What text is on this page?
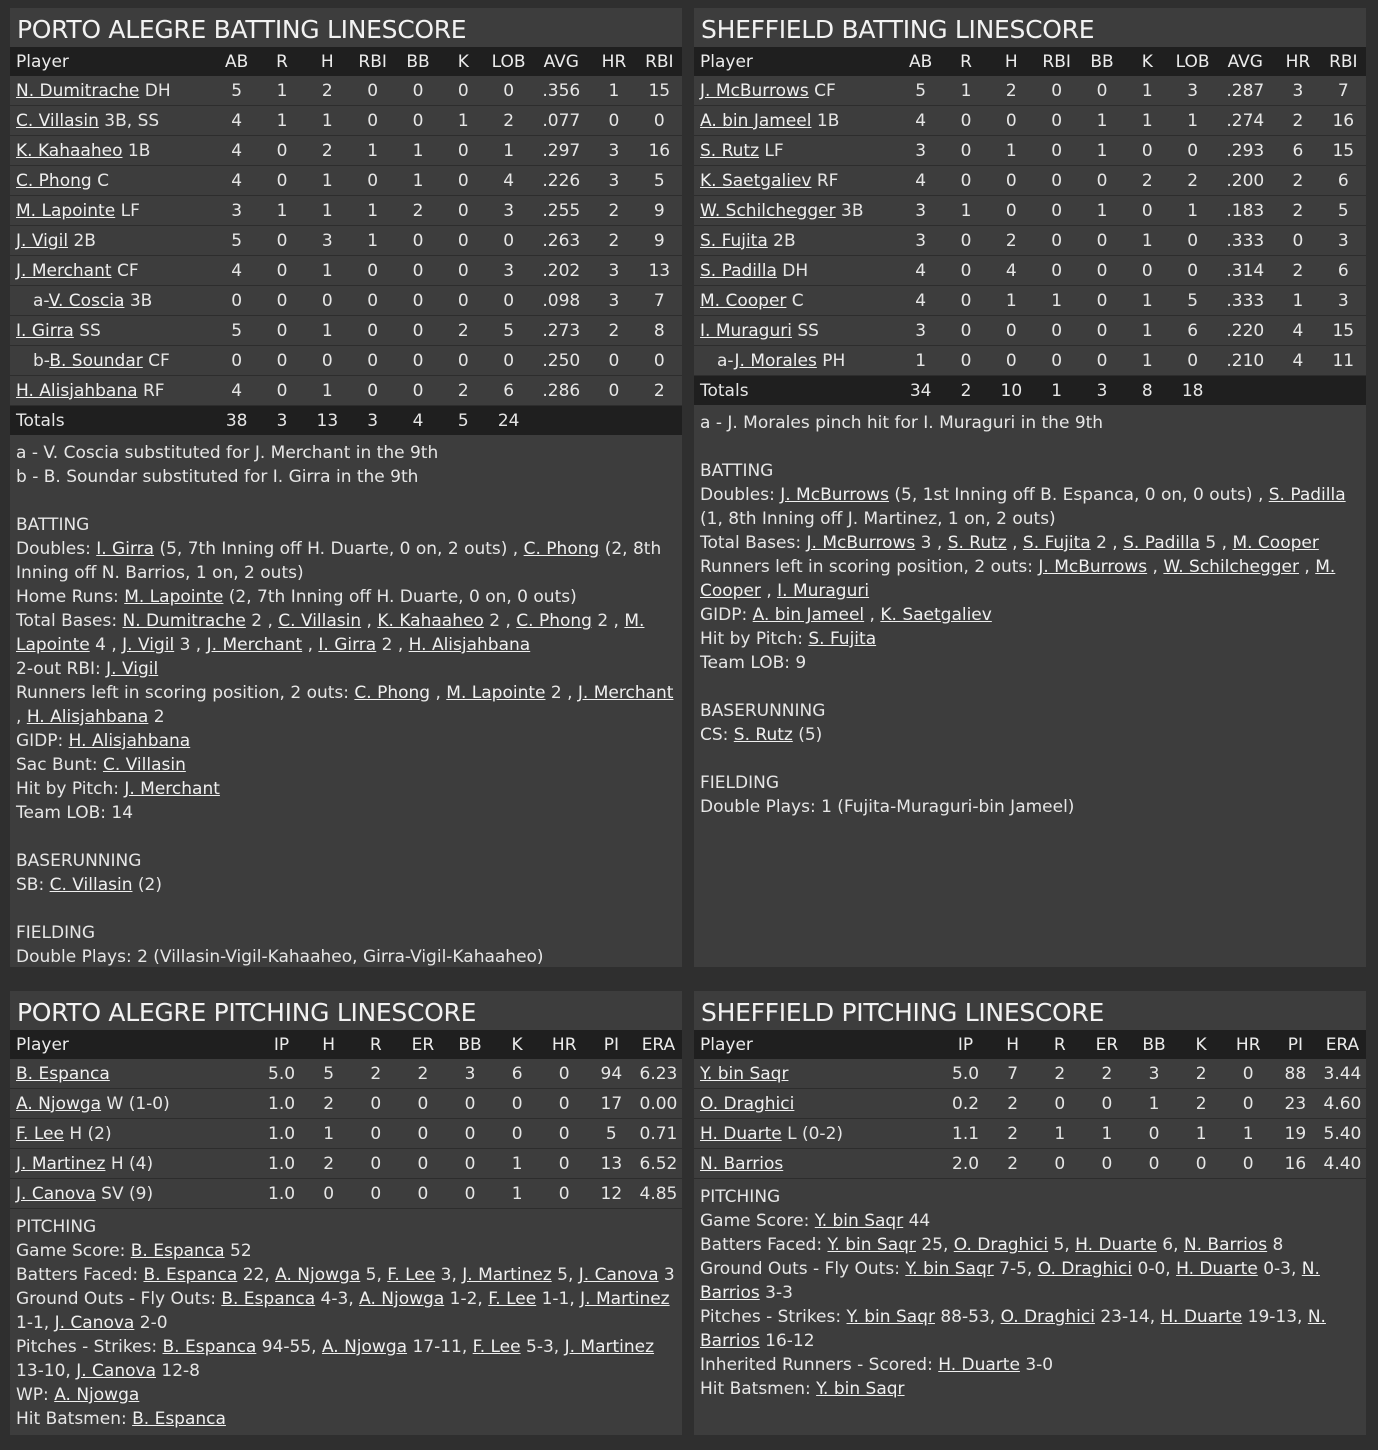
PORTO ALEGRE BATTING LINESCORE
Player	AB	R	H	RBI	BB	K	LOB	AVG	HR	RBI
N. Dumitrache DH	5	1	2	0	0	0	0	.356	1	15
C. Villasin 3B, SS	4	1	1	0	0	1	2	.077	0	0
K. Kahaaheo 1B	4	0	2	1	1	0	1	.297	3	16
C. Phong C	4	0	1	0	1	0	4	.226	3	5
M. Lapointe LF	3	1	1	1	2	0	3	.255	2	9
J. Vigil 2B	5	0	3	1	0	0	0	.263	2	9
J. Merchant CF	4	0	1	0	0	0	3	.202	3	13
a-V. Coscia 3B	0	0	0	0	0	0	0	.098	3	7
I. Girra SS	5	0	1	0	0	2	5	.273	2	8
b-B. Soundar CF	0	0	0	0	0	0	0	.250	0	0
H. Alisjahbana RF	4	0	1	0	0	2	6	.286	0	2
Totals	38	3	13	3	4	5	24			

a - V. Coscia substituted for J. Merchant in the 9th

b - B. Soundar substituted for I. Girra in the 9th

BATTING

Doubles: I. Girra (5, 7th Inning off H. Duarte, 0 on, 2 outs) , C. Phong (2, 8th Inning off N. Barrios, 1 on, 2 outs)

Home Runs: M. Lapointe (2, 7th Inning off H. Duarte, 0 on, 0 outs)

Total Bases: N. Dumitrache 2 , C. Villasin , K. Kahaaheo 2 , C. Phong 2 , M. Lapointe 4 , J. Vigil 3 , J. Merchant , I. Girra 2 , H. Alisjahbana

2-out RBI: J. Vigil

Runners left in scoring position, 2 outs: C. Phong , M. Lapointe 2 , J. Merchant , H. Alisjahbana 2

GIDP: H. Alisjahbana

Sac Bunt: C. Villasin

Hit by Pitch: J. Merchant

Team LOB: 14

BASERUNNING

SB: C. Villasin (2)

FIELDING

Double Plays: 2 (Villasin-Vigil-Kahaaheo, Girra-Vigil-Kahaaheo)

SHEFFIELD BATTING LINESCORE
Player	AB	R	H	RBI	BB	K	LOB	AVG	HR	RBI
J. McBurrows CF	5	1	2	0	0	1	3	.287	3	7
A. bin Jameel 1B	4	0	0	0	1	1	1	.274	2	16
S. Rutz LF	3	0	1	0	1	0	0	.293	6	15
K. Saetgaliev RF	4	0	0	0	0	2	2	.200	2	6
W. Schilchegger 3B	3	1	0	0	1	0	1	.183	2	5
S. Fujita 2B	3	0	2	0	0	1	0	.333	0	3
S. Padilla DH	4	0	4	0	0	0	0	.314	2	6
M. Cooper C	4	0	1	1	0	1	5	.333	1	3
I. Muraguri SS	3	0	0	0	0	1	6	.220	4	15
a-J. Morales PH	1	0	0	0	0	1	0	.210	4	11
Totals	34	2	10	1	3	8	18			

a - J. Morales pinch hit for I. Muraguri in the 9th

BATTING

Doubles: J. McBurrows (5, 1st Inning off B. Espanca, 0 on, 0 outs) , S. Padilla (1, 8th Inning off J. Martinez, 1 on, 2 outs)

Total Bases: J. McBurrows 3 , S. Rutz , S. Fujita 2 , S. Padilla 5 , M. Cooper

Runners left in scoring position, 2 outs: J. McBurrows , W. Schilchegger , M. Cooper , I. Muraguri

GIDP: A. bin Jameel , K. Saetgaliev

Hit by Pitch: S. Fujita

Team LOB: 9

BASERUNNING

CS: S. Rutz (5)

FIELDING

Double Plays: 1 (Fujita-Muraguri-bin Jameel)

PORTO ALEGRE PITCHING LINESCORE
Player	IP	H	R	ER	BB	K	HR	PI	ERA
B. Espanca	5.0	5	2	2	3	6	0	94	6.23
A. Njowga W (1-0)	1.0	2	0	0	0	0	0	17	0.00
F. Lee H (2)	1.0	1	0	0	0	0	0	5	0.71
J. Martinez H (4)	1.0	2	0	0	0	1	0	13	6.52
J. Canova SV (9)	1.0	0	0	0	0	1	0	12	4.85

PITCHING

Game Score: B. Espanca 52

Batters Faced: B. Espanca 22, A. Njowga 5, F. Lee 3, J. Martinez 5, J. Canova 3

Ground Outs - Fly Outs: B. Espanca 4-3, A. Njowga 1-2, F. Lee 1-1, J. Martinez 1-1, J. Canova 2-0

Pitches - Strikes: B. Espanca 94-55, A. Njowga 17-11, F. Lee 5-3, J. Martinez 13-10, J. Canova 12-8

WP: A. Njowga

Hit Batsmen: B. Espanca

SHEFFIELD PITCHING LINESCORE
Player	IP	H	R	ER	BB	K	HR	PI	ERA
Y. bin Saqr	5.0	7	2	2	3	2	0	88	3.44
O. Draghici	0.2	2	0	0	1	2	0	23	4.60
H. Duarte L (0-2)	1.1	2	1	1	0	1	1	19	5.40
N. Barrios	2.0	2	0	0	0	0	0	16	4.40

PITCHING

Game Score: Y. bin Saqr 44

Batters Faced: Y. bin Saqr 25, O. Draghici 5, H. Duarte 6, N. Barrios 8

Ground Outs - Fly Outs: Y. bin Saqr 7-5, O. Draghici 0-0, H. Duarte 0-3, N. Barrios 3-3

Pitches - Strikes: Y. bin Saqr 88-53, O. Draghici 23-14, H. Duarte 19-13, N. Barrios 16-12

Inherited Runners - Scored: H. Duarte 3-0

Hit Batsmen: Y. bin Saqr
